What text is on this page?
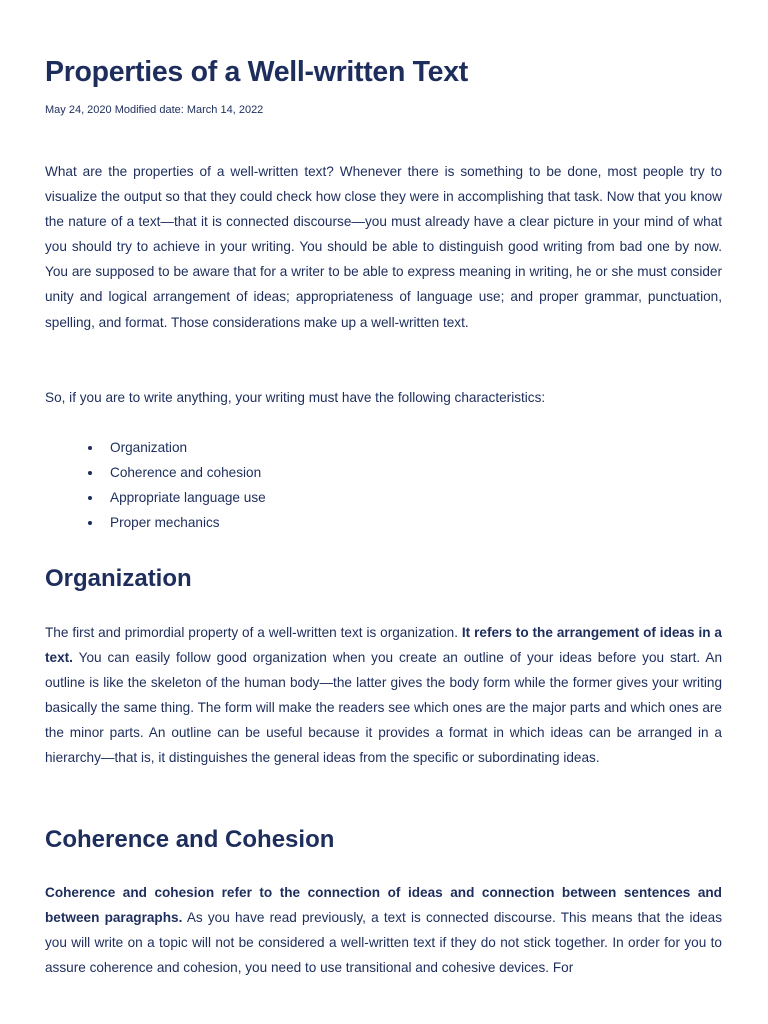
Properties of a Well-written Text
May 24, 2020 Modified date: March 14, 2022

What are the properties of a well-written text? Whenever there is something to be done, most people try to visualize the output so that they could check how close they were in accomplishing that task. Now that you know the nature of a text—that it is connected discourse—you must already have a clear picture in your mind of what you should try to achieve in your writing. You should be able to distinguish good writing from bad one by now. You are supposed to be aware that for a writer to be able to express meaning in writing, he or she must consider unity and logical arrangement of ideas; appropriateness of language use; and proper grammar, punctuation, spelling, and format. Those considerations make up a well-written text.

So, if you are to write anything, your writing must have the following characteristics:

Organization
Coherence and cohesion
Appropriate language use
Proper mechanics
Organization

The first and primordial property of a well-written text is organization. It refers to the arrangement of ideas in a text. You can easily follow good organization when you create an outline of your ideas before you start. An outline is like the skeleton of the human body—the latter gives the body form while the former gives your writing basically the same thing. The form will make the readers see which ones are the major parts and which ones are the minor parts. An outline can be useful because it provides a format in which ideas can be arranged in a hierarchy—that is, it distinguishes the general ideas from the specific or subordinating ideas.

Coherence and Cohesion

Coherence and cohesion refer to the connection of ideas and connection between sentences and between paragraphs. As you have read previously, a text is connected discourse. This means that the ideas you will write on a topic will not be considered a well-written text if they do not stick together. In order for you to assure coherence and cohesion, you need to use transitional and cohesive devices. For
